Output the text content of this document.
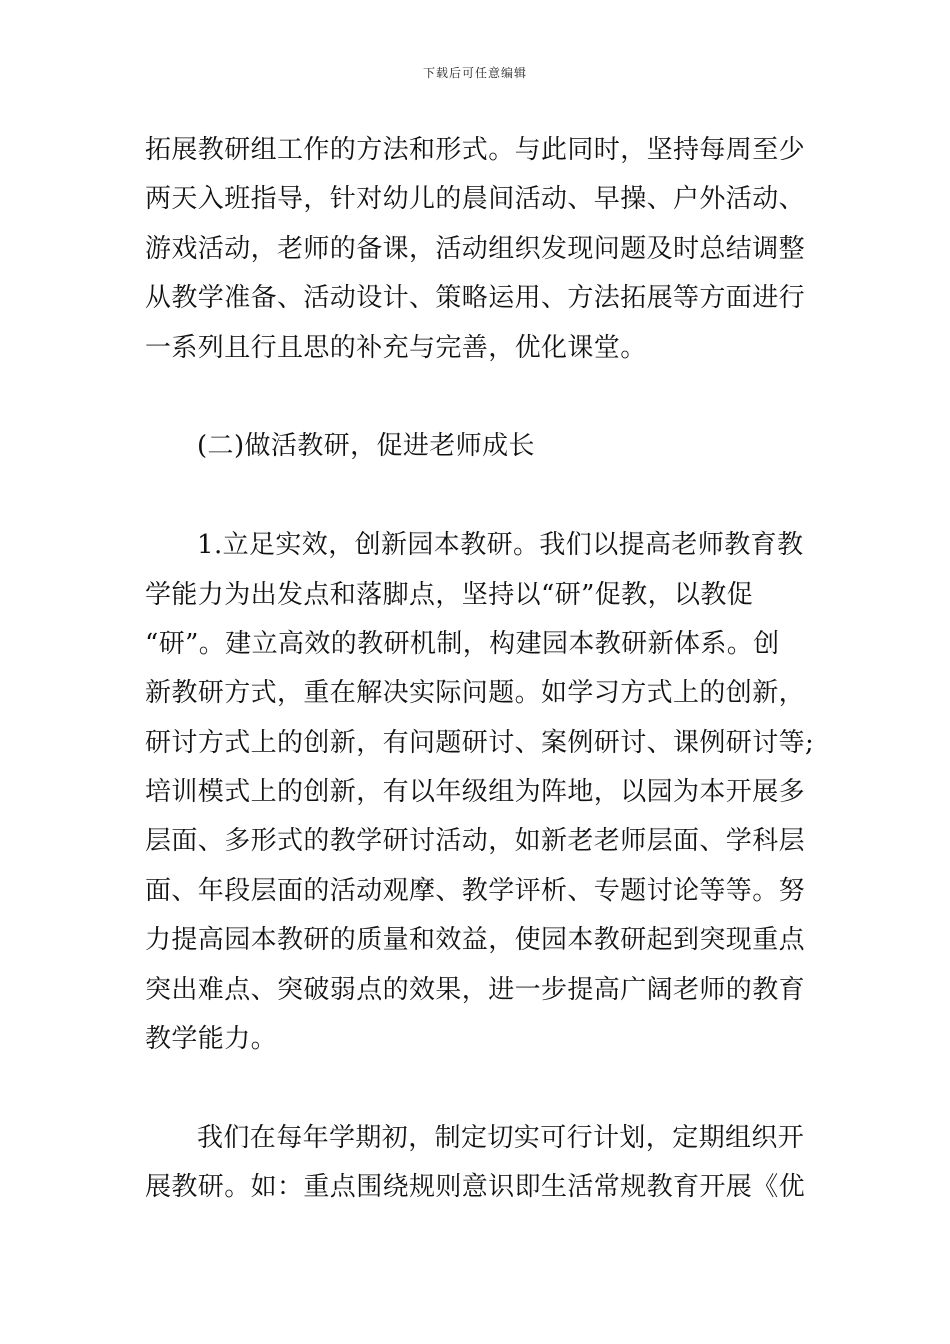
下载后可任意编辑
拓展教研组工作的方法和形式。与此同时，坚持每周至少
两天入班指导，针对幼儿的晨间活动、早操、户外活动、
游戏活动，老师的备课，活动组织发现问题及时总结调整
从教学准备、活动设计、策略运用、方法拓展等方面进行
一系列且行且思的补充与完善，优化课堂。
(二)做活教研，促进老师成长
1.立足实效，创新园本教研。我们以提高老师教育教
学能力为出发点和落脚点，坚持以“研”促教，以教促
“研”。建立高效的教研机制，构建园本教研新体系。创
新教研方式，重在解决实际问题。如学习方式上的创新，
研讨方式上的创新，有问题研讨、案例研讨、课例研讨等;
培训模式上的创新，有以年级组为阵地，以园为本开展多
层面、多形式的教学研讨活动，如新老老师层面、学科层
面、年段层面的活动观摩、教学评析、专题讨论等等。努
力提高园本教研的质量和效益，使园本教研起到突现重点
突出难点、突破弱点的效果，进一步提高广阔老师的教育
教学能力。
我们在每年学期初，制定切实可行计划，定期组织开
展教研。如：重点围绕规则意识即生活常规教育开展《优
